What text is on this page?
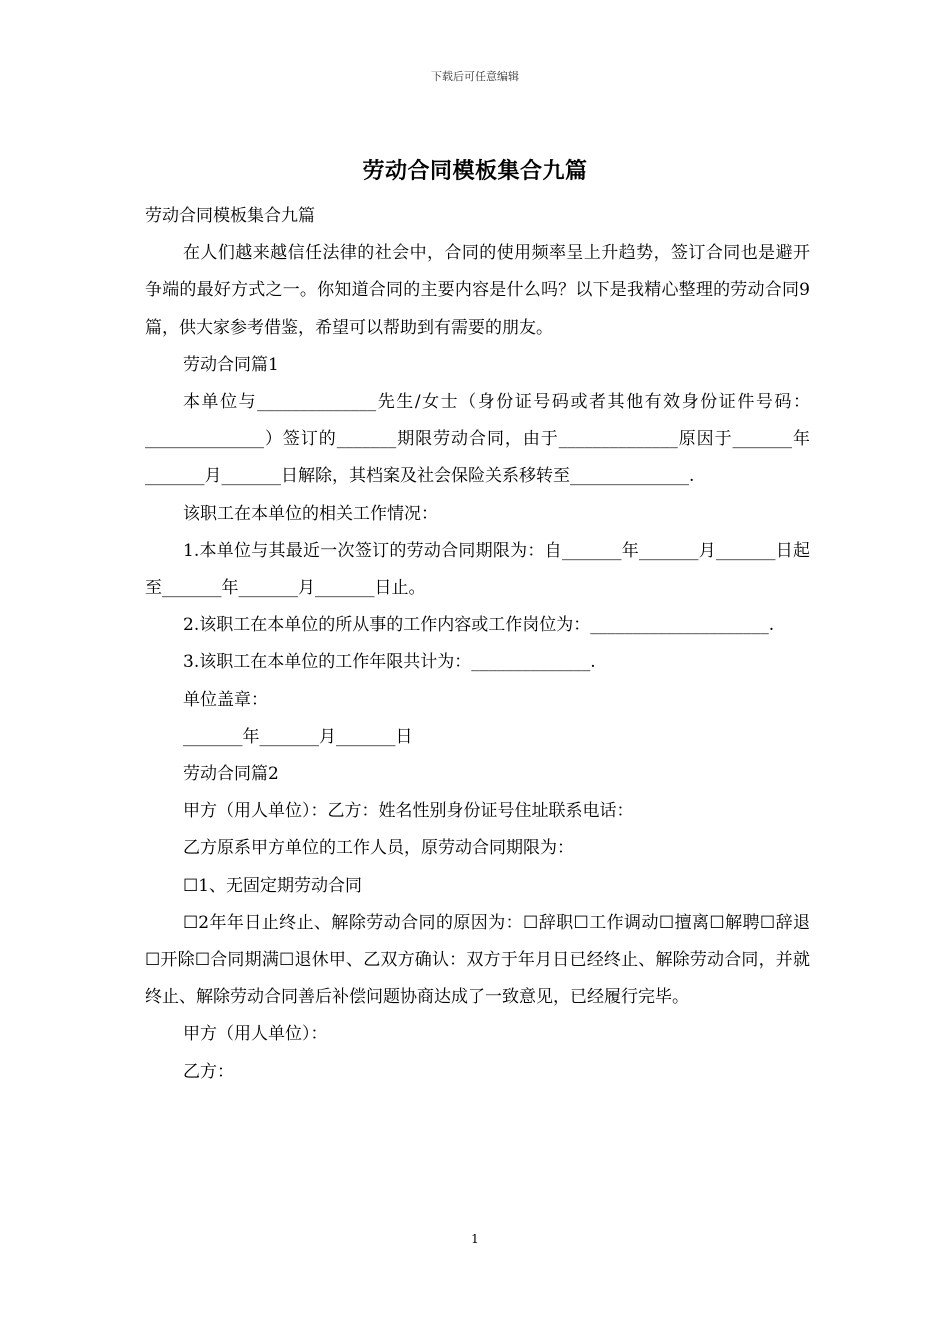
下载后可任意编辑
劳动合同模板集合九篇

劳动合同模板集合九篇

在人们越来越信任法律的社会中，合同的使用频率呈上升趋势，签订合同也是避开争端的最好方式之一。你知道合同的主要内容是什么吗？以下是我精心整理的劳动合同9篇，供大家参考借鉴，希望可以帮助到有需要的朋友。

劳动合同篇1

本单位与______________先生/女士（身份证号码或者其他有效身份证件号码：______________）签订的_______期限劳动合同，由于______________原因于_______年_______月_______日解除，其档案及社会保险关系移转至______________.

该职工在本单位的相关工作情况：

1.本单位与其最近一次签订的劳动合同期限为：自_______年_______月_______日起至_______年_______月_______日止。

2.该职工在本单位的所从事的工作内容或工作岗位为：_____________________.

3.该职工在本单位的工作年限共计为：______________.

单位盖章：

_______年_______月_______日

劳动合同篇2

甲方（用人单位）：乙方：姓名性别身份证号住址联系电话：

乙方原系甲方单位的工作人员，原劳动合同期限为：

☐1、无固定期劳动合同

☐2年年日止终止、解除劳动合同的原因为：☐辞职☐工作调动☐擅离☐解聘☐辞退☐开除☐合同期满☐退休甲、乙双方确认：双方于年月日已经终止、解除劳动合同，并就终止、解除劳动合同善后补偿问题协商达成了一致意见，已经履行完毕。

甲方（用人单位）：

乙方：

1
